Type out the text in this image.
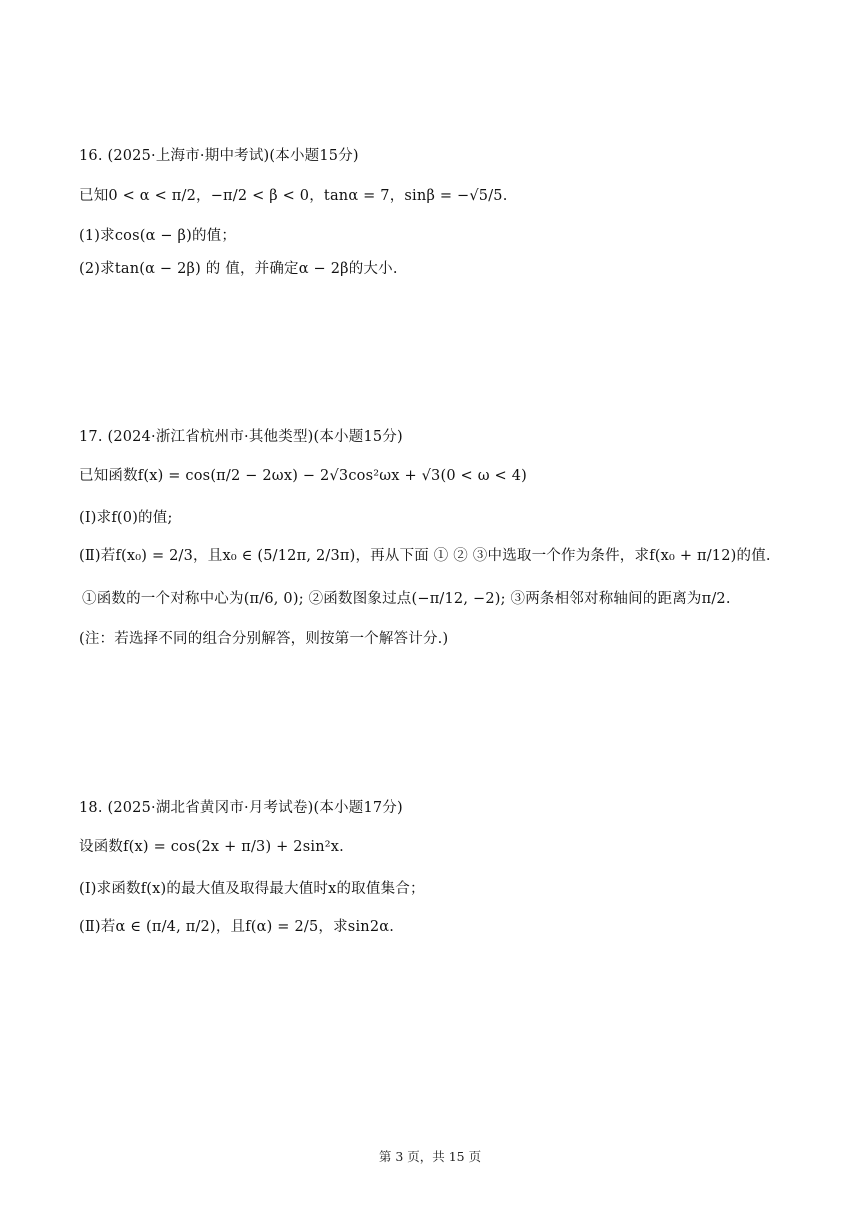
16. (2025·上海市·期中考试)(本小题15分)
已知0 < α < π/2，−π/2 < β < 0，tanα = 7，sinβ = −√5/5.
(1)求cos(α − β)的值；
(2)求tan(α − 2β) 的 值，并确定α − 2β的大小.
17. (2024·浙江省杭州市·其他类型)(本小题15分)
已知函数f(x) = cos(π/2 − 2ωx) − 2√3cos²ωx + √3(0 < ω < 4)
(Ⅰ)求f(0)的值;
(Ⅱ)若f(x₀) = 2/3，且x₀ ∈ (5/12π, 2/3π)，再从下面 ① ② ③中选取一个作为条件，求f(x₀ + π/12)的值.
①函数的一个对称中心为(π/6, 0); ②函数图象过点(−π/12, −2); ③两条相邻对称轴间的距离为π/2.
(注：若选择不同的组合分别解答，则按第一个解答计分.)
18. (2025·湖北省黄冈市·月考试卷)(本小题17分)
设函数f(x) = cos(2x + π/3) + 2sin²x.
(Ⅰ)求函数f(x)的最大值及取得最大值时x的取值集合；
(Ⅱ)若α ∈ (π/4, π/2)，且f(α) = 2/5，求sin2α.
第 3 页，共 15 页
